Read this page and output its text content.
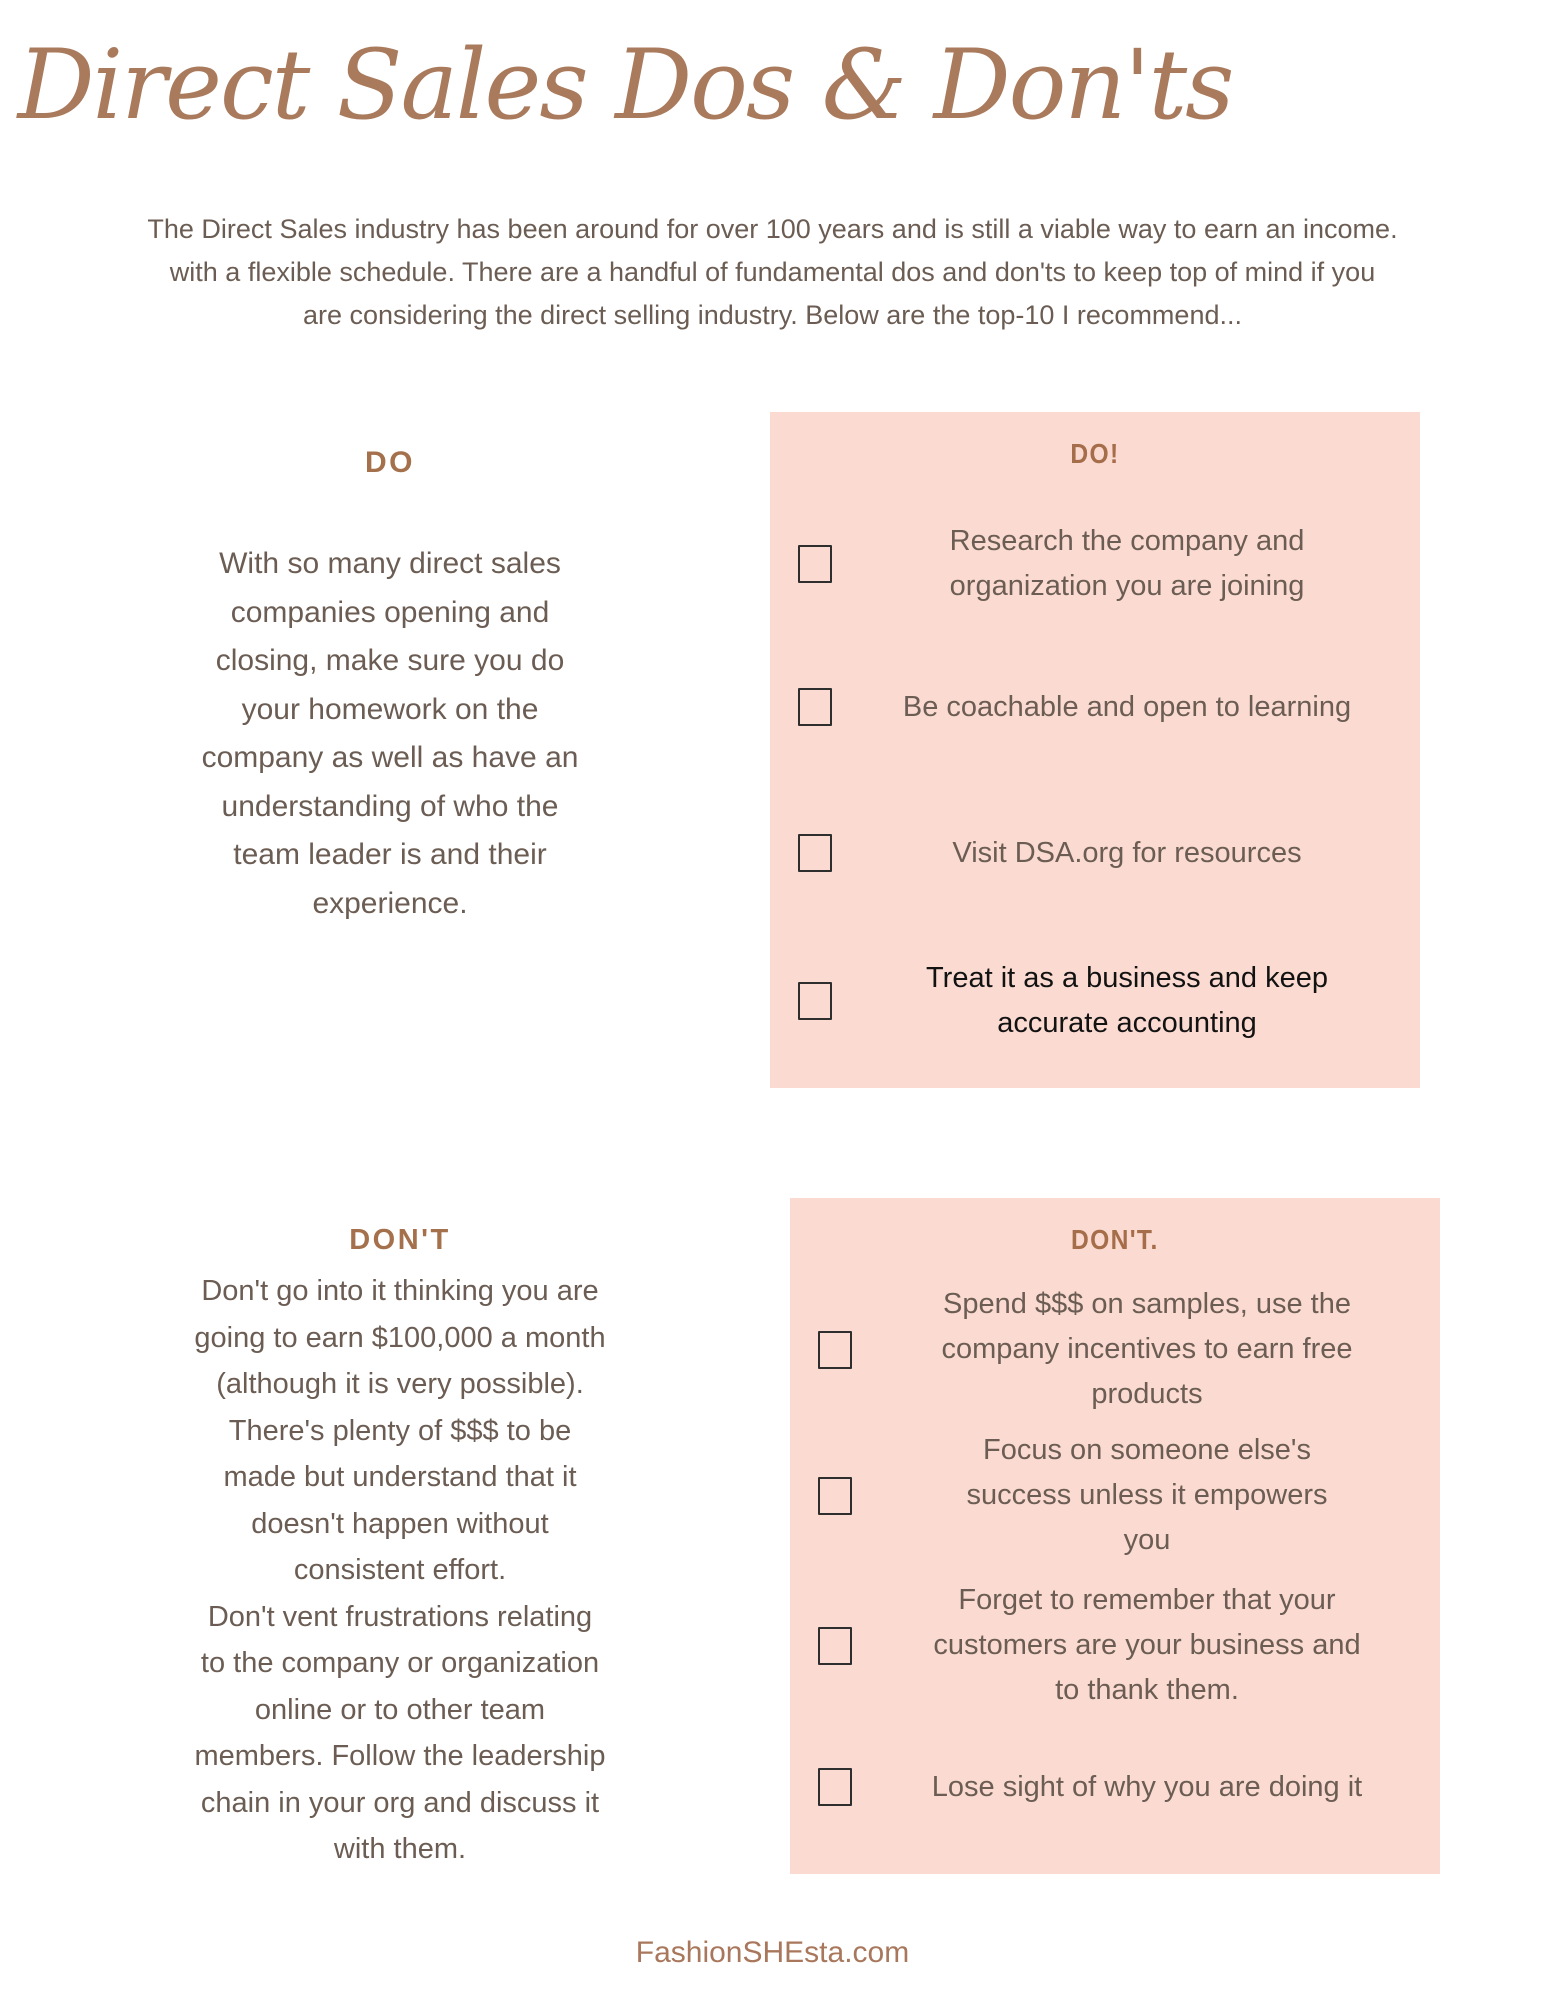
Direct Sales Dos & Don'ts

The Direct Sales industry has been around for over 100 years and is still a viable way to earn an income.
with a flexible schedule. There are a handful of fundamental dos and don'ts to keep top of mind if you
are considering the direct selling industry. Below are the top-10 I recommend...

DO

With so many direct sales
companies opening and
closing, make sure you do
your homework on the
company as well as have an
understanding of who the
team leader is and their
experience.

DO!
Research the company and
organization you are joining
Be coachable and open to learning
Visit DSA.org for resources
Treat it as a business and keep
accurate accounting
DON'T

Don't go into it thinking you are
going to earn $100,000 a month
(although it is very possible).
There's plenty of $$$ to be
made but understand that it
doesn't happen without
consistent effort.
Don't vent frustrations relating
to the company or organization
online or to other team
members. Follow the leadership
chain in your org and discuss it
with them.

DON'T.
Spend $$$ on samples, use the
company incentives to earn free
products
Focus on someone else's
success unless it empowers
you
Forget to remember that your
customers are your business and
to thank them.
Lose sight of why you are doing it
FashionSHEsta.com
